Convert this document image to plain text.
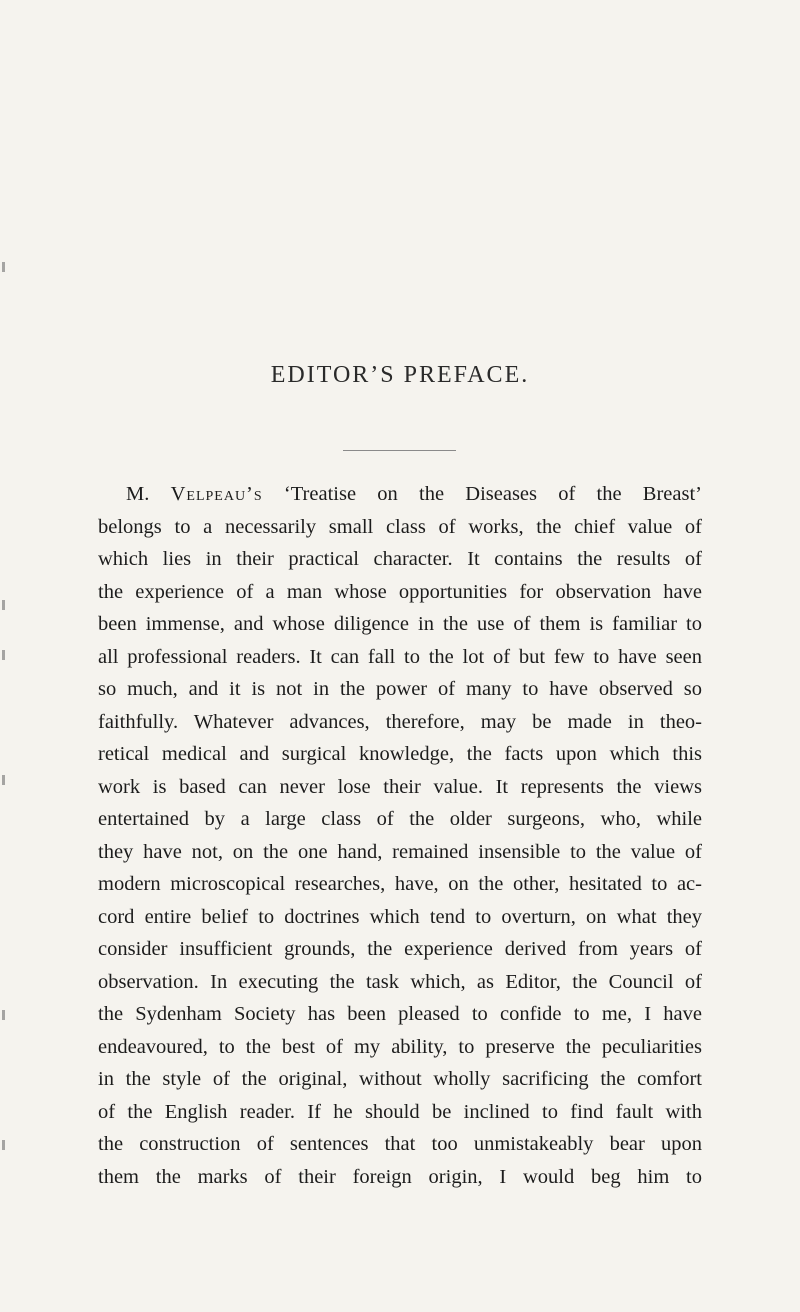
EDITOR’S PREFACE.
M. Velpeau’s ‘Treatise on the Diseases of the Breast’
belongs to a necessarily small class of works, the chief value of
which lies in their practical character. It contains the results of
the experience of a man whose opportunities for observation have
been immense, and whose diligence in the use of them is familiar to
all professional readers. It can fall to the lot of but few to have seen
so much, and it is not in the power of many to have observed so
faithfully. Whatever advances, therefore, may be made in theo-
retical medical and surgical knowledge, the facts upon which this
work is based can never lose their value. It represents the views
entertained by a large class of the older surgeons, who, while
they have not, on the one hand, remained insensible to the value of
modern microscopical researches, have, on the other, hesitated to ac-
cord entire belief to doctrines which tend to overturn, on what they
consider insufficient grounds, the experience derived from years of
observation. In executing the task which, as Editor, the Council of
the Sydenham Society has been pleased to confide to me, I have
endeavoured, to the best of my ability, to preserve the peculiarities
in the style of the original, without wholly sacrificing the comfort
of the English reader. If he should be inclined to find fault with
the construction of sentences that too unmistakeably bear upon
them the marks of their foreign origin, I would beg him to
